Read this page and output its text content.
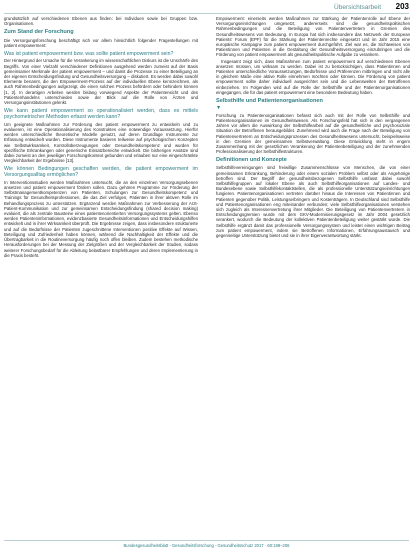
Übersichtsarbeit 203

grundsätzlich auf verschiedenen Ebenen aus finden: bei Individuen sowie bei Gruppen bzw. Organisationen.

Zum Stand der Forschung

Die Versorgungsforschung beschäftigt sich vor allem hinsichtlich folgender Fragestellungen mit patient empowerment:

Was ist patient empowerment bzw. was sollte patient empowerment sein?

Der Hintergrund der Ursache für die Verankerung im wissenschaftlichen Diskurs ist die Unschärfe des Begriffs. Von einer Vielzahl verschiedener Definitionen ausgehend werden zumeist auf der Basis gemeinsamer Merkmale der patient empowerment – und damit die Prozesse zu einer Beteiligung an der eigenen Entscheidungsfindung und Gesundheitsversorgung – diskutiert. Es werden dabei sowohl Elemente benannt, die den Empowerment-Prozess auf der individuellen Ebene kennzeichnen, als auch Rahmenbedingungen aufgezeigt, die einen solchen Prozess befördern oder behindern können [1, 2]. In derartigen Arbeiten werden bislang vorwiegend Aspekte der Patientensicht und des Patientenhandelns unterschieden sowie der Blick auf die Rolle von Ärzten und Versorgungsinstitutionen gelenkt.

Wie kann patient empowerment so operationalisiert werden, dass es mittels psychometrischer Methoden erfasst werden kann?

Um geeignete Maßnahmen zur Förderung des patient empowerment zu entwickeln und zu evaluieren, ist eine Operationalisierung des Konstruktes eine notwendige Voraussetzung. Hierfür werden unterschiedliche theoretische Modelle genutzt, auf deren Grundlage Instrumente zur Erfassung entwickelt wurden. Diese Instrumente basieren teilweise auf psychologischen Konzepten wie Selbstwirksamkeit, Kontrollüberzeugungen oder Gesundheitskompetenz und wurden für spezifische Erkrankungen oder generische Einsatzbereiche entwickelt. Die bisherigen Ansätze sind dabei zumeist an den jeweiligen Forschungskontext gebunden und erlauben nur eine eingeschränkte Vergleichbarkeit der Ergebnisse [13].

Wie können Bedingungen geschaffen werden, die patient empowerment im Versorgungsalltag ermöglichen?

In Interventionsstudien werden Maßnahmen untersucht, die an den einzelnen Versorgungsebenen ansetzen und patient empowerment fördern sollen. Dazu gehören Programme zur Förderung der Selbstmanagementkompetenzen von Patienten, Schulungen zur Gesundheitskompetenz und Trainings für Gesundheitsprofessionen, die das Ziel verfolgen, Patienten in ihrer aktiven Rolle im Behandlungsprozess zu unterstützen. Ergänzend werden Maßnahmen zur Verbesserung der Arzt-Patient-Kommunikation und zur gemeinsamen Entscheidungsfindung (shared decision making) evaluiert, die als zentrale Bausteine eines patientenorientierten Versorgungssystems gelten. Ebenso werden Patienteninformationen, evidenzbasierte Gesundheitsinformationen und Entscheidungshilfen entwickelt und in ihrer Wirksamkeit überprüft. Die Ergebnisse zeigen, dass insbesondere strukturierte und auf die Bedürfnisse der Patienten zugeschnittene Interventionen positive Effekte auf Wissen, Beteiligung und Zufriedenheit haben können, während die Nachhaltigkeit der Effekte und die Übertragbarkeit in die Routineversorgung häufig noch offen bleiben. Zudem bestehen methodische Herausforderungen bei der Messung der Zielgrößen und der Vergleichbarkeit der Studien, sodass weiterer Forschungsbedarf für die Ableitung belastbarer Empfehlungen und deren Implementierung in die Praxis besteht.

Empowerment: einerseits werden Maßnahmen zur Stärkung der Patientenrolle auf Ebene der Versorgungseinrichtungen umgesetzt, andererseits sind die gesundheitspolitischen Rahmenbedingungen und die Beteiligung von Patientenvertretern in Gremien des Gesundheitswesens von Bedeutung. In Europa hat sich insbesondere das Netzwerk der European Patients' Forum (EPF) für die Stärkung der Patientenrechte eingesetzt und im Jahr 2015 eine europäische Kampagne zum patient empowerment durchgeführt. Ziel war es, die Sichtweisen von Patientinnen und Patienten in die Gestaltung der Gesundheitsversorgung einzubringen und die Förderung von patient empowerment als gesundheitspolitische Aufgabe zu verankern.

Insgesamt zeigt sich, dass Maßnahmen zum patient empowerment auf verschiedenen Ebenen ansetzen müssen, um wirksam zu werden. Dabei ist zu berücksichtigen, dass Patientinnen und Patienten unterschiedliche Voraussetzungen, Bedürfnisse und Präferenzen mitbringen und nicht alle in gleichem Maße eine aktive Rolle einnehmen möchten oder können. Die Förderung von patient empowerment sollte daher individuell ausgerichtet sein und die Lebenswelten der Betroffenen einbeziehen. Im Folgenden wird auf die Rolle der Selbsthilfe und der Patientenorganisationen eingegangen, die für das patient empowerment eine besondere Bedeutung haben.

Selbsthilfe und Patientenorganisationen

▼

Forschung zu Patientenorganisationen befasst sich auch mit der Rolle von Selbsthilfe und Patientenorganisationen im Gesundheitswesen. Als Forschungsfeld hat sich in den vergangenen Jahren vor allem die Auswirkung der Selbsthilfearbeit auf die gesundheitliche und psychosoziale Situation der Betroffenen herausgebildet. Zunehmend wird auch die Frage nach der Beteiligung von Patientenvertretern an Entscheidungsprozessen des Gesundheitswesens untersucht, beispielsweise in den Gremien der gemeinsamen Selbstverwaltung. Diese Entwicklung steht in engem Zusammenhang mit der gesetzlichen Verankerung der Patientenbeteiligung und der zunehmenden Professionalisierung der Selbsthilfestrukturen.

Definitionen und Konzepte

Selbsthilfevereinigungen sind freiwillige Zusammenschlüsse von Menschen, die von einer gemeinsamen Erkrankung, Behinderung oder einem sozialen Problem selbst oder als Angehörige betroffen sind. Der Begriff der gesundheitsbezogenen Selbsthilfe umfasst dabei sowohl Selbsthilfegruppen auf lokaler Ebene als auch Selbsthilfeorganisationen auf Landes- und Bundesebene sowie Selbsthilfekontaktstellen, die als professionelle Unterstützungseinrichtungen fungieren. Patientenorganisationen vertreten darüber hinaus die Interessen von Patientinnen und Patienten gegenüber Politik, Leistungserbringern und Kostenträgern. In Deutschland sind Selbsthilfe und Patientenorganisationen eng miteinander verbunden; viele Selbsthilfeorganisationen verstehen sich zugleich als Interessenvertretung ihrer Mitglieder. Die Beteiligung von Patientenvertretern in Entscheidungsgremien wurde mit dem GKV-Modernisierungsgesetz im Jahr 2004 gesetzlich verankert, wodurch die Bedeutung der kollektiven Patientenbeteiligung weiter gestärkt wurde. Die Selbsthilfe ergänzt damit das professionelle Versorgungssystem und leistet einen wichtigen Beitrag zum patient empowerment, indem sie Betroffenen Informationen, Erfahrungsaustausch und gegenseitige Unterstützung bietet und sie in ihrer Eigenverantwortung stärkt.

Bundesgesundheitsblatt - Gesundheitsforschung - Gesundheitsschutz 2017 · 60:198–206
